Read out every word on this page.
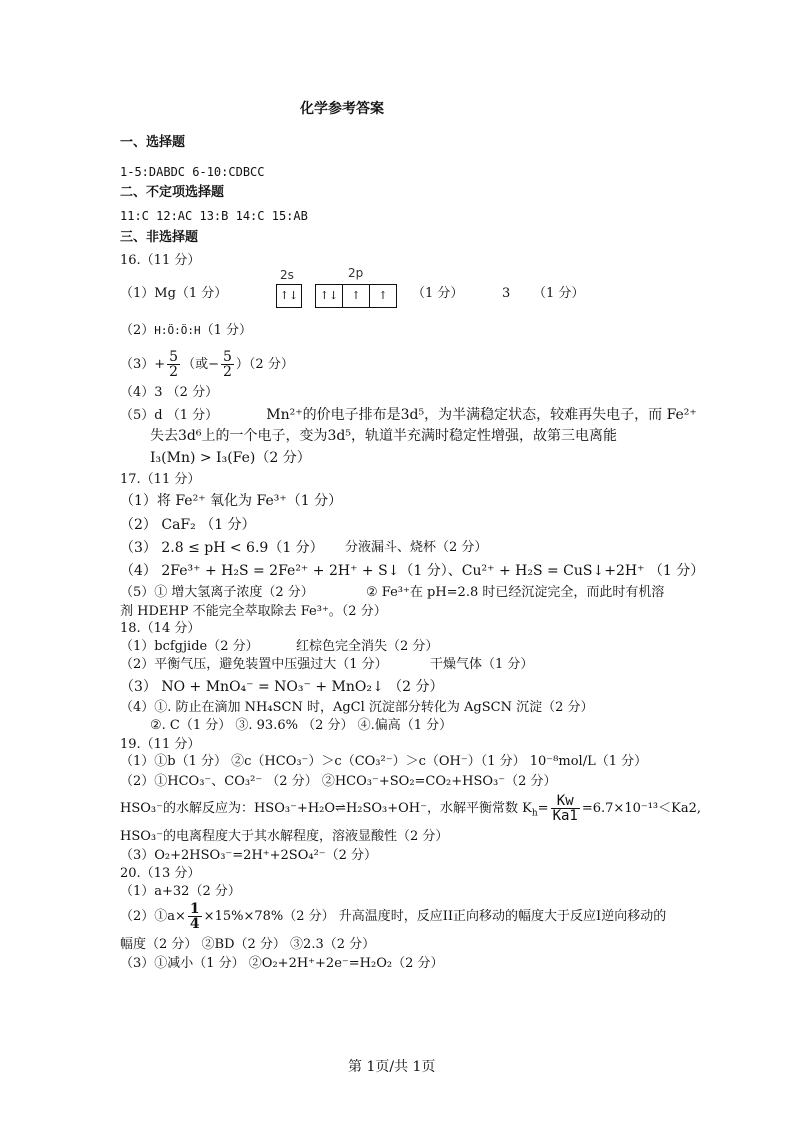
化学参考答案
一、选择题
1-5:DABDC 6-10:CDBCC
二、不定项选择题
11:C 12:AC 13:B 14:C 15:AB
三、非选择题
16.（11 分）
（1）Mg（1 分）
2s	2p
↑↓	↑↓	↑	↑	（1 分）	3 （1 分）
（2）H:Ö:Ö:H（1 分）
$(3)+ \frac{5}{2}$ （或− $\frac{5}{2} )(2$ 分）
（4）3 （2 分）
（5）d （1 分）	Mn²⁺的价电子排布是3d⁵，为半满稳定状态，较难再失电子，而 Fe²⁺
失去3d⁶上的一个电子，变为3d⁵，轨道半充满时稳定性增强，故第三电离能
I₃(Mn) > I₃(Fe)（2 分）
17.（11 分）
（1）将 Fe²⁺ 氧化为 Fe³⁺（1 分）
（2） CaF₂ （1 分）
（3） 2.8 ≤ pH < 6.9（1 分） 分液漏斗、烧杯（2 分）
（4） 2Fe³⁺ + H₂S = 2Fe²⁺ + 2H⁺ + S↓（1 分）、Cu²⁺ + H₂S = CuS↓+2H⁺ （1 分）
（5）① 增大氢离子浓度（2 分）	② Fe³⁺在 pH=2.8 时已经沉淀完全，而此时有机溶
剂 HDEHP 不能完全萃取除去 Fe³⁺。（2 分）
18.（14 分）
（1）bcfgjide（2 分）	红棕色完全消失（2 分）
（2）平衡气压，避免装置中压强过大（1 分）	干燥气体（1 分）
（3） NO + MnO₄⁻ = NO₃⁻ + MnO₂↓ （2 分）
（4）①. 防止在滴加 NH₄SCN 时，AgCl 沉淀部分转化为 AgSCN 沉淀（2 分）
②. C（1 分） ③. 93.6% （2 分） ④.偏高（1 分）
19.（11 分）
（1）①b（1 分） ②c（HCO₃⁻）＞c（CO₃²⁻）＞c（OH⁻）（1 分） 10⁻⁸mol/L（1 分）
（2）①HCO₃⁻、CO₃²⁻ （2 分） ②HCO₃⁻+SO₂=CO₂+HSO₃⁻（2 分）
HSO₃⁻的水解反应为：HSO₃⁻+H₂O⇌H₂SO₃+OH⁻，水解平衡常数 $K_h= \frac{Kw}{Ka1} =6.7\times 10^{-13}<Ka2$,
HSO₃⁻的电离程度大于其水解程度，溶液显酸性（2 分）
（3）O₂+2HSO₃⁻=2H⁺+2SO₄²⁻（2 分）
20.（13 分）
（1）a+32（2 分）
（2）①a× $\frac{1}{4} \times 15\%\times 78\%(2$ 分） 升高温度时，反应II正向移动的幅度大于反应I逆向移动的
幅度（2 分） ②BD（2 分） ③2.3（2 分）
（3）①减小（1 分） ②O₂+2H⁺+2e⁻=H₂O₂（2 分）
第 1页/共 1页
